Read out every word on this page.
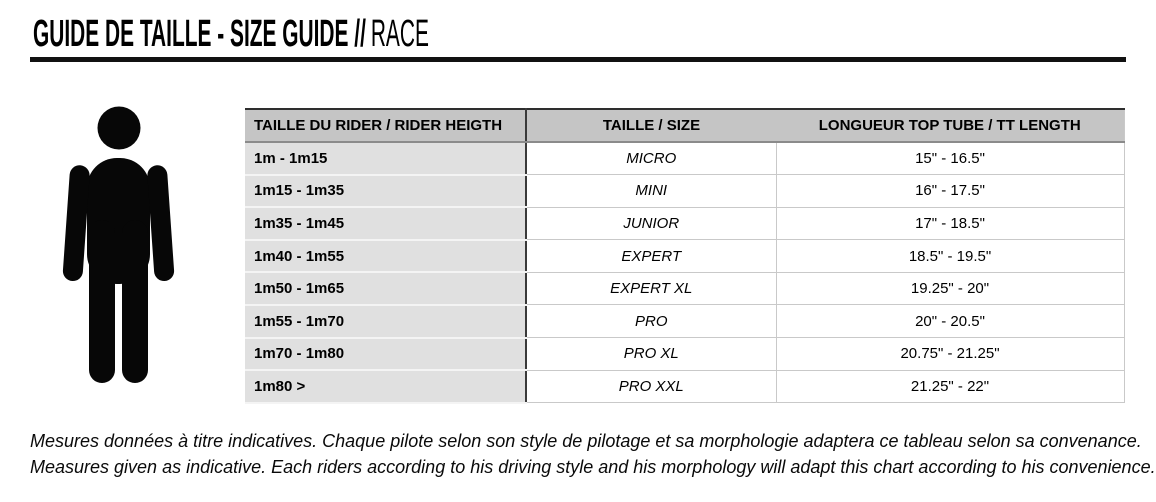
GUIDE DE TAILLE - SIZE GUIDE // RACE
TAILLE DU RIDER / RIDER HEIGTH	TAILLE / SIZE	LONGUEUR TOP TUBE / TT LENGTH
1m - 1m15	MICRO	15" - 16.5"
1m15 - 1m35	MINI	16" - 17.5"
1m35 - 1m45	JUNIOR	17" - 18.5"
1m40 - 1m55	EXPERT	18.5" - 19.5"
1m50 - 1m65	EXPERT XL	19.25" - 20"
1m55 - 1m70	PRO	20" - 20.5"
1m70 - 1m80	PRO XL	20.75" - 21.25"
1m80 >	PRO XXL	21.25" - 22"
Mesures données à titre indicatives. Chaque pilote selon son style de pilotage et sa morphologie adaptera ce tableau selon sa convenance.
Measures given as indicative. Each riders according to his driving style and his morphology will adapt this chart according to his convenience.
